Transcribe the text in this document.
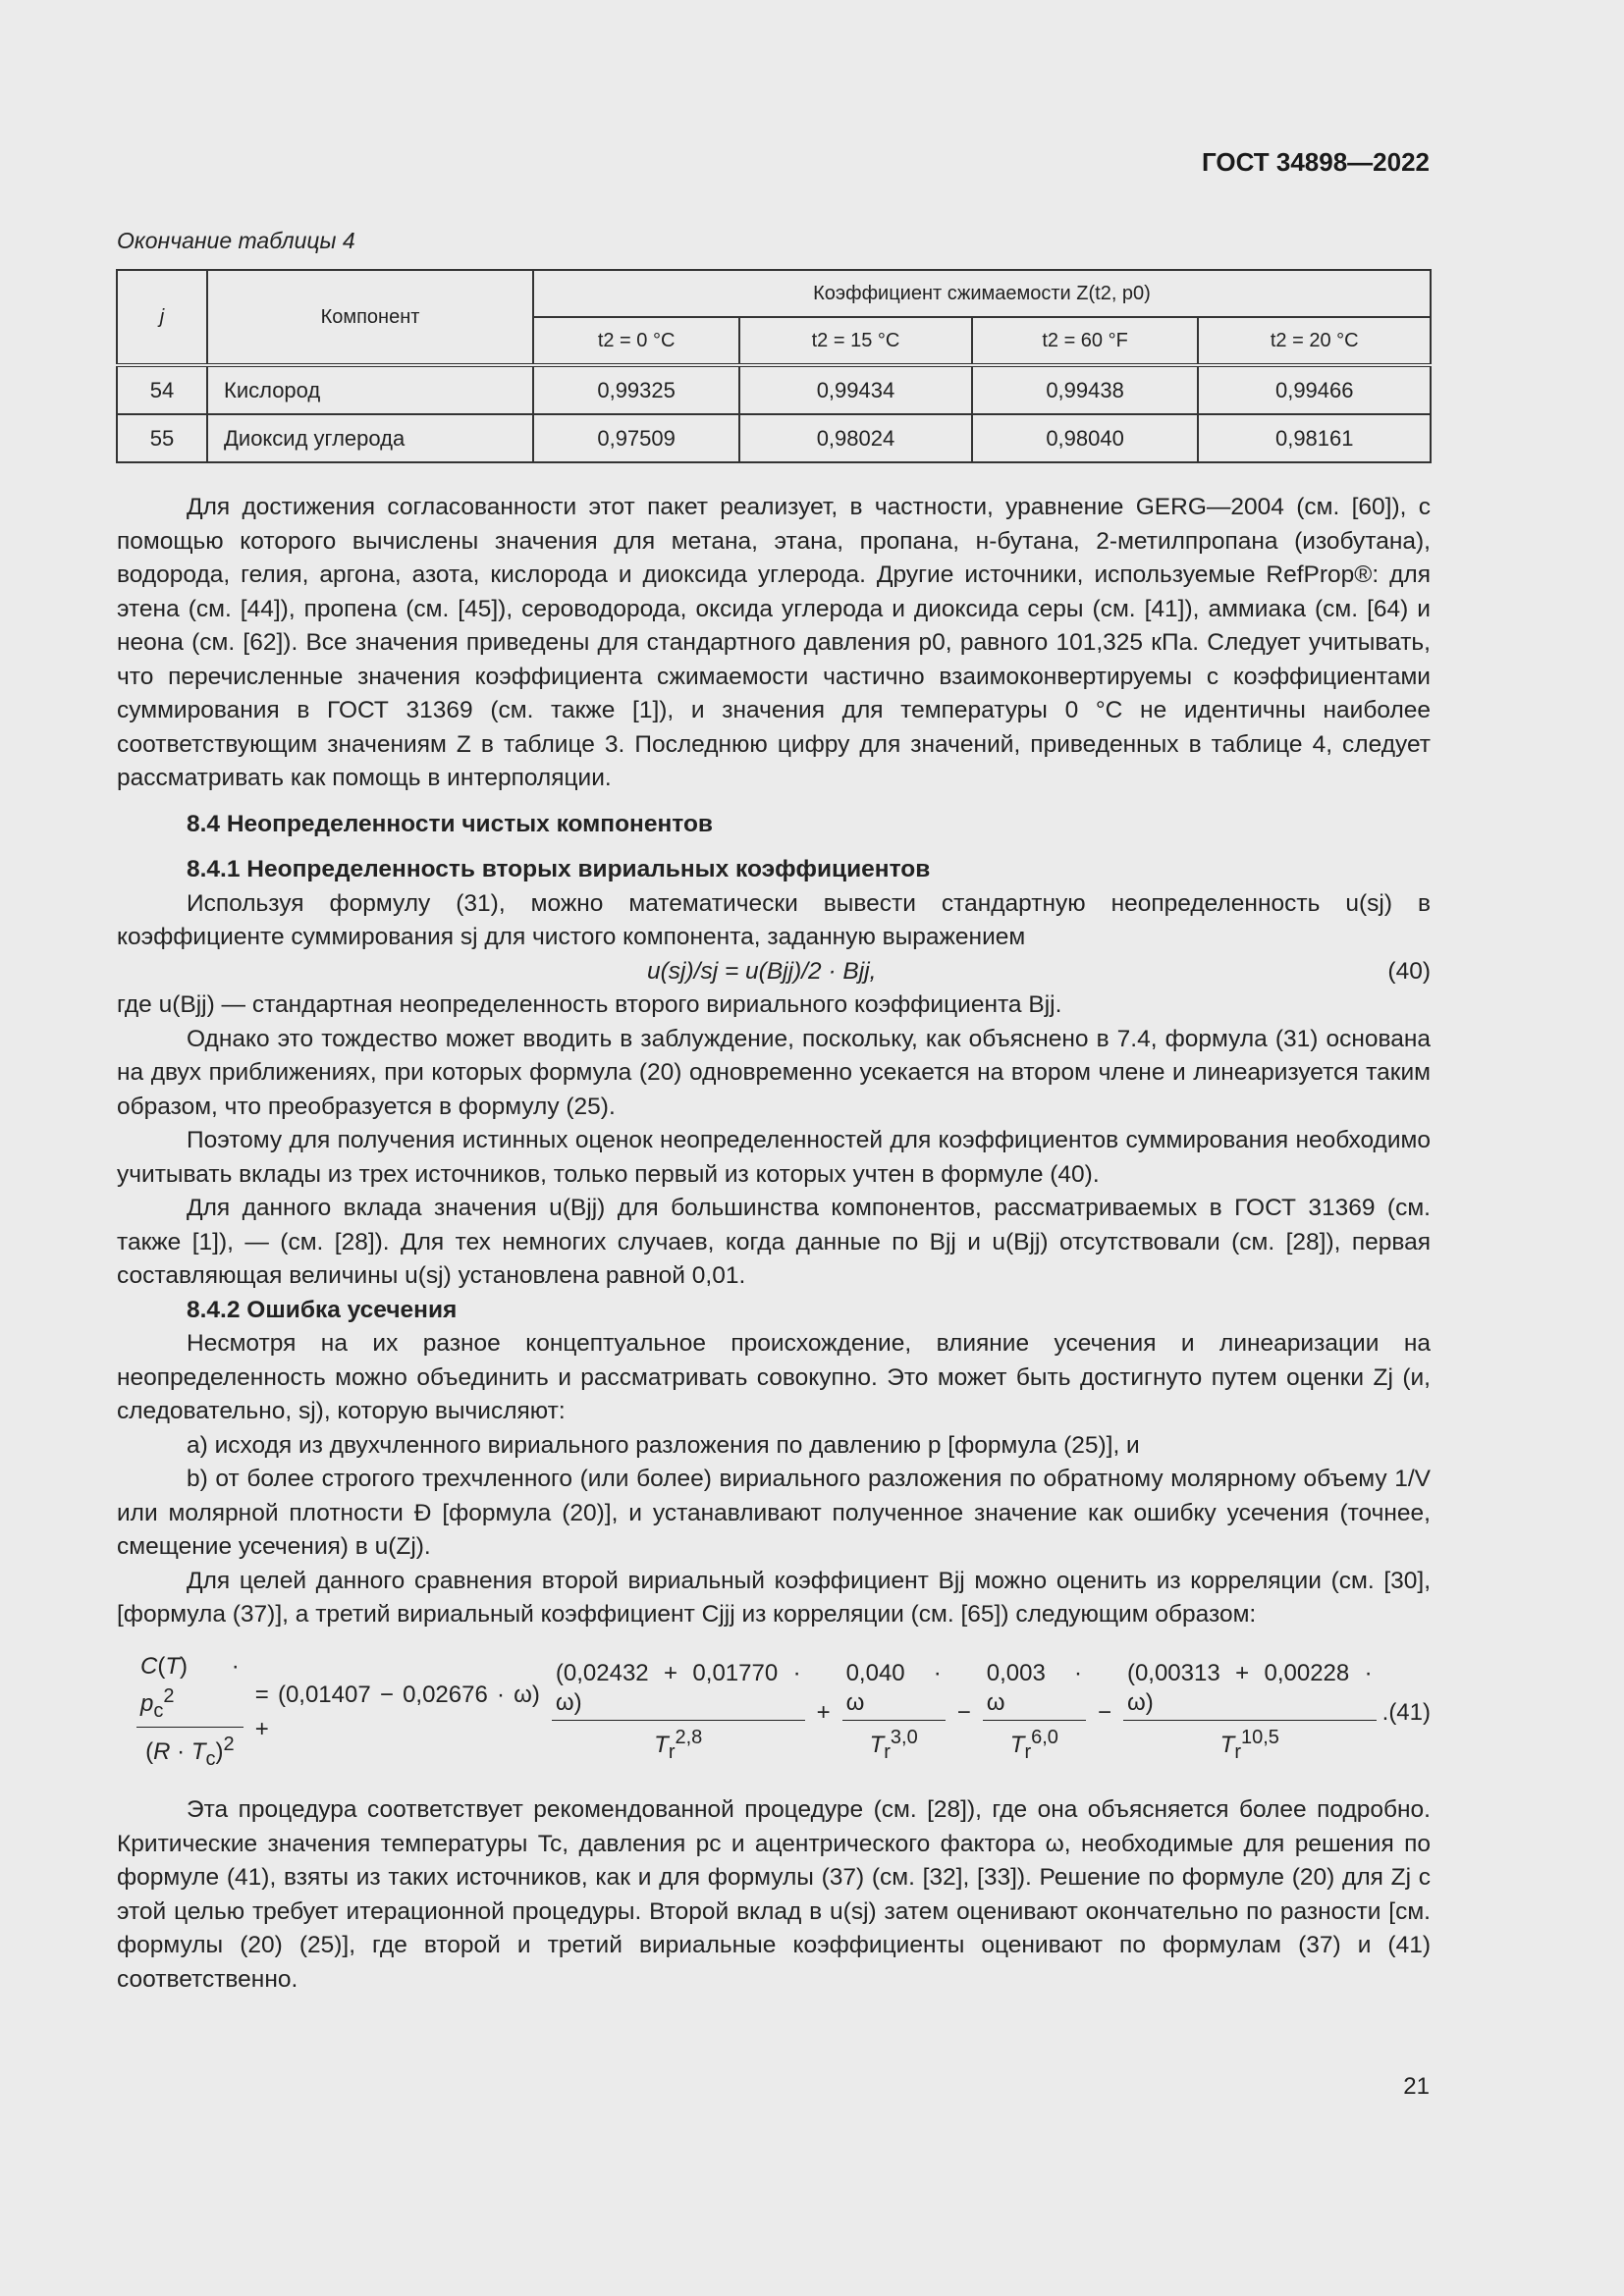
ГОСТ 34898—2022
Окончание таблицы 4
j	Компонент	Коэффициент сжимаемости Z(t2, p0)			
		t2 = 0 °C	t2 = 15 °C	t2 = 60 °F	t2 = 20 °C
54	Кислород	0,99325	0,99434	0,99438	0,99466
55	Диоксид углерода	0,97509	0,98024	0,98040	0,98161

Для достижения согласованности этот пакет реализует, в частности, уравнение GERG—2004 (см. [60]), с помощью которого вычислены значения для метана, этана, пропана, н-бутана, 2-метилпропана (изобутана), водорода, гелия, аргона, азота, кислорода и диоксида углерода. Другие источники, используемые RefProp®: для этена (см. [44]), пропена (см. [45]), сероводорода, оксида углерода и диоксида серы (см. [41]), аммиака (см. [64) и неона (см. [62]). Все значения приведены для стандартного давления p0, равного 101,325 кПа. Следует учитывать, что перечисленные значения коэффициента сжимаемости частично взаимоконвертируемы с коэффициентами суммирования в ГОСТ 31369 (см. также [1]), и значения для температуры 0 °C не идентичны наиболее соответствующим значениям Z в таблице 3. Последнюю цифру для значений, приведенных в таблице 4, следует рассматривать как помощь в интерполяции.

8.4 Неопределенности чистых компонентов
8.4.1 Неопределенность вторых вириальных коэффициентов

Используя формулу (31), можно математически вывести стандартную неопределенность u(sj) в коэффициенте суммирования sj для чистого компонента, заданную выражением

u(sj)/sj = u(Bjj)/2 · Bjj,	(40)

где u(Bjj) — стандартная неопределенность второго вириального коэффициента Bjj.

Однако это тождество может вводить в заблуждение, поскольку, как объяснено в 7.4, формула (31) основана на двух приближениях, при которых формула (20) одновременно усекается на втором члене и линеаризуется таким образом, что преобразуется в формулу (25).

Поэтому для получения истинных оценок неопределенностей для коэффициентов суммирования необходимо учитывать вклады из трех источников, только первый из которых учтен в формуле (40).

Для данного вклада значения u(Bjj) для большинства компонентов, рассматриваемых в ГОСТ 31369 (см. также [1]), — (см. [28]). Для тех немногих случаев, когда данные по Bjj и u(Bjj) отсутствовали (см. [28]), первая составляющая величины u(sj) установлена равной 0,01.

8.4.2 Ошибка усечения

Несмотря на их разное концептуальное происхождение, влияние усечения и линеаризации на неопределенность можно объединить и рассматривать совокупно. Это может быть достигнуто путем оценки Zj (и, следовательно, sj), которую вычисляют:

а) исходя из двухчленного вириального разложения по давлению p [формула (25)], и

b) от более строгого трехчленного (или более) вириального разложения по обратному молярному объему 1/V или молярной плотности Đ [формула (20)], и устанавливают полученное значение как ошибку усечения (точнее, смещение усечения) в u(Zj).

Для целей данного сравнения второй вириальный коэффициент Bjj можно оценить из корреляции (см. [30], [формула (37)], а третий вириальный коэффициент Cjjj из корреляции (см. [65]) следующим образом:

$\frac{C(T) \cdot p_c^2}{(R \cdot T_c)^2} = (0,01407 - 0,02676 \cdot \omega)$ +	$\frac{(0,02432 + 0,01770 \cdot \omega)}{T_r^{2,8}} + \frac{0,040 \cdot \omega}{T_r^{3,0}} - \frac{0,003 \cdot \omega}{T_r^{6,0}} - \frac{(0,00313 + 0,00228 \cdot \omega)}{T_r^{10,5}}$ . (41)

Эта процедура соответствует рекомендованной процедуре (см. [28]), где она объясняется более подробно. Критические значения температуры Tc, давления pc и ацентрического фактора ω, необходимые для решения по формуле (41), взяты из таких источников, как и для формулы (37) (см. [32], [33]). Решение по формуле (20) для Zj с этой целью требует итерационной процедуры. Второй вклад в u(sj) затем оценивают окончательно по разности [см. формулы (20) (25)], где второй и третий вириальные коэффициенты оценивают по формулам (37) и (41) соответственно.

21
